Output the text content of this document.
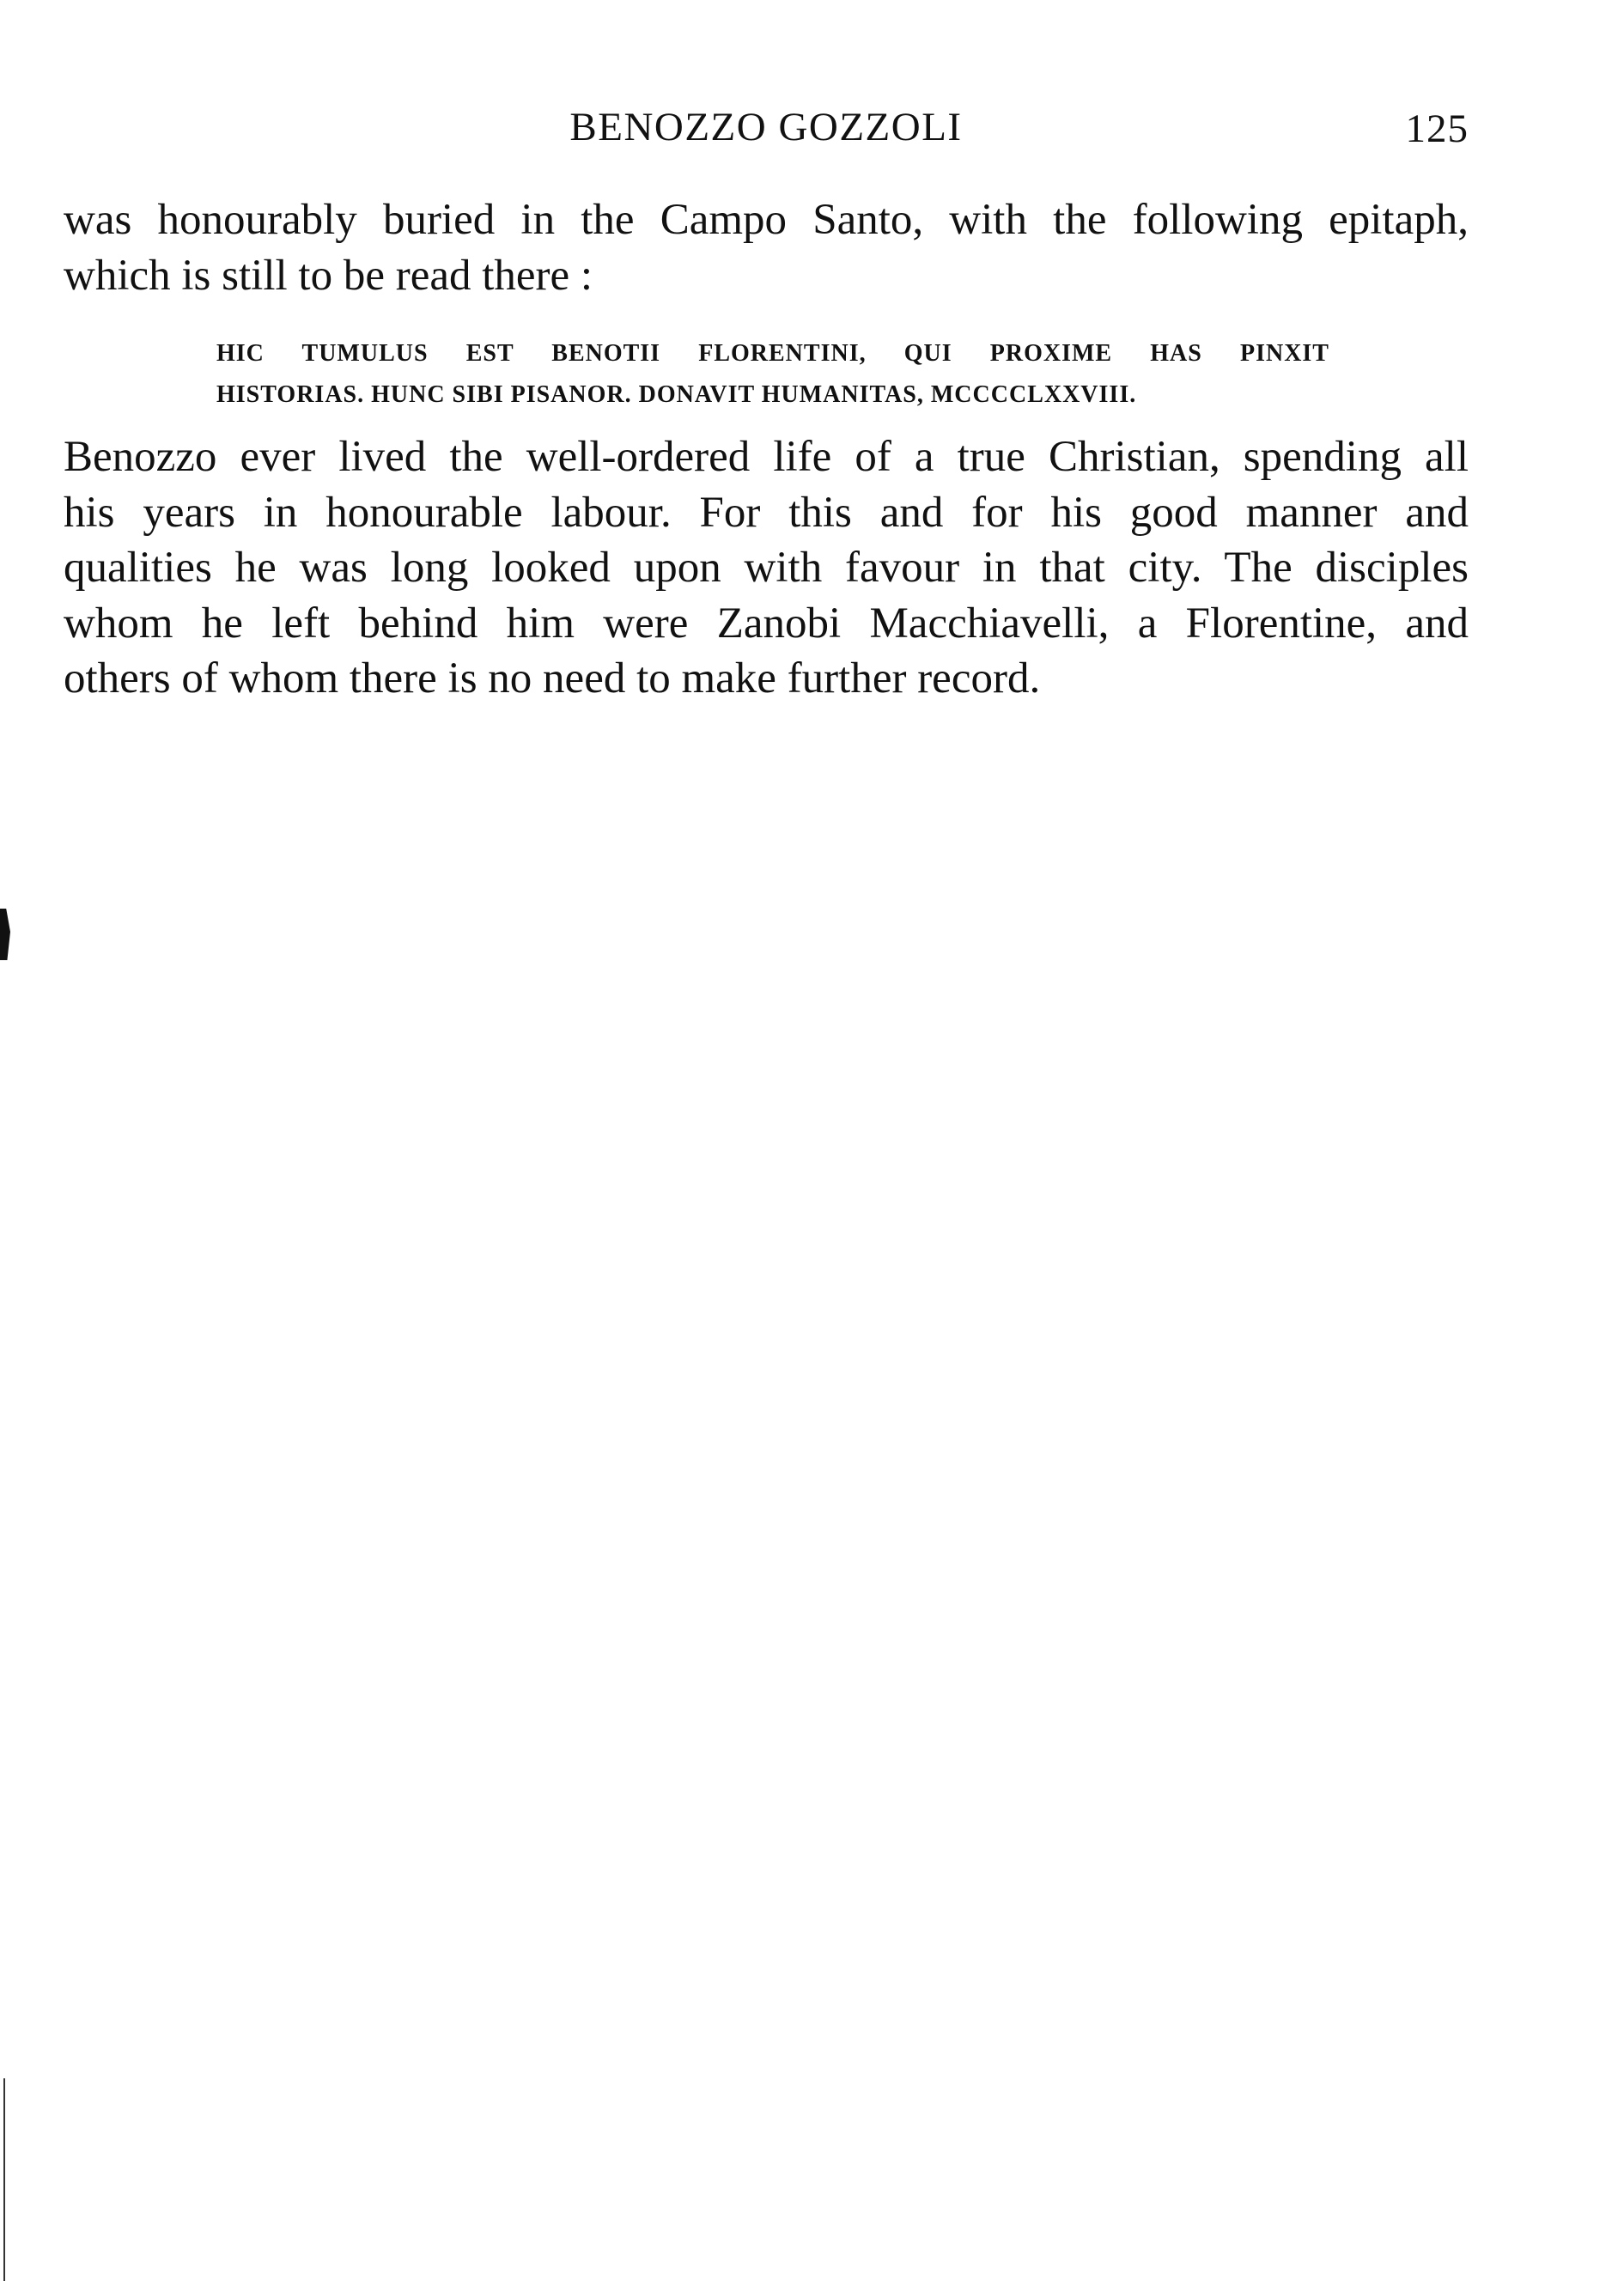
BENOZZO GOZZOLI	125
was honourably buried in the Campo Santo, with the following epitaph,
which is still to be read there :
HIC TUMULUS EST BENOTII FLORENTINI, QUI PROXIME HAS PINXIT
HISTORIAS. HUNC SIBI PISANOR. DONAVIT HUMANITAS, MCCCCLXXVIII.
Benozzo ever lived the well-ordered life of a true Christian, spending all
his years in honourable labour. For this and for his good manner and
qualities he was long looked upon with favour in that city. The disciples
whom he left behind him were Zanobi Macchiavelli, a Florentine, and
others of whom there is no need to make further record.
